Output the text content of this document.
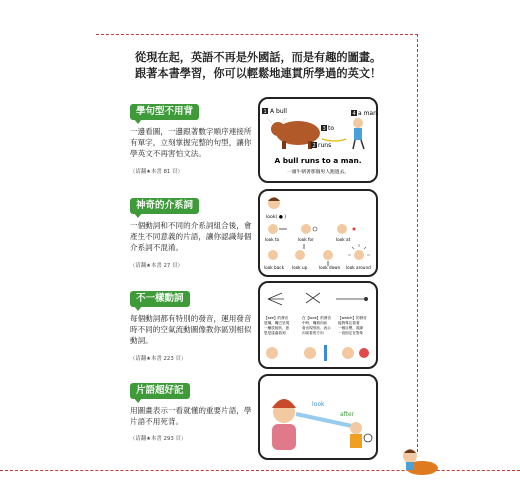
從現在起，英語不再是外國話，而是有趣的圖畫。
跟著本書學習，你可以輕鬆地連貫所學過的英文！
學句型不用背
一邊看圖，一邊跟著數字順序連接所有單字，立刻掌握完整的句型，讓你學英文不再害怕文法。
（请翻★本書 81 頁）
A bull
1
to
3
runs
2
a man.
4
A bull runs to a man.
一頭牛朝著那個男人跑過去。
神奇的介系詞
一個動詞和不同的介系詞組合後，會產生不同意義的片語，讓你認識每個介系詞不混淆。
（请翻★本書 27 頁）
look( ● )
look to	look for	look at
look back look up	look down look around
不一樣動詞
每個動詞都有特別的發音，運用發音時不同的空氣流動圖像教你區別相似動詞。
（请翻★本書 223 頁）
【see】的發音
是嘴，嘴巴呈現
一種放射狀，意
思是遠處看到
在【look】的發音
中時，嘴唇向前
會出現形狀，表示
向前看的方向
【watch】的發音
能夠專注看著
一個目標，視線
一直固定在對象
片語超好記
用圖畫表示一看就懂的重要片語，學片語不用死背。
（请翻★本書 293 頁）
look
after
